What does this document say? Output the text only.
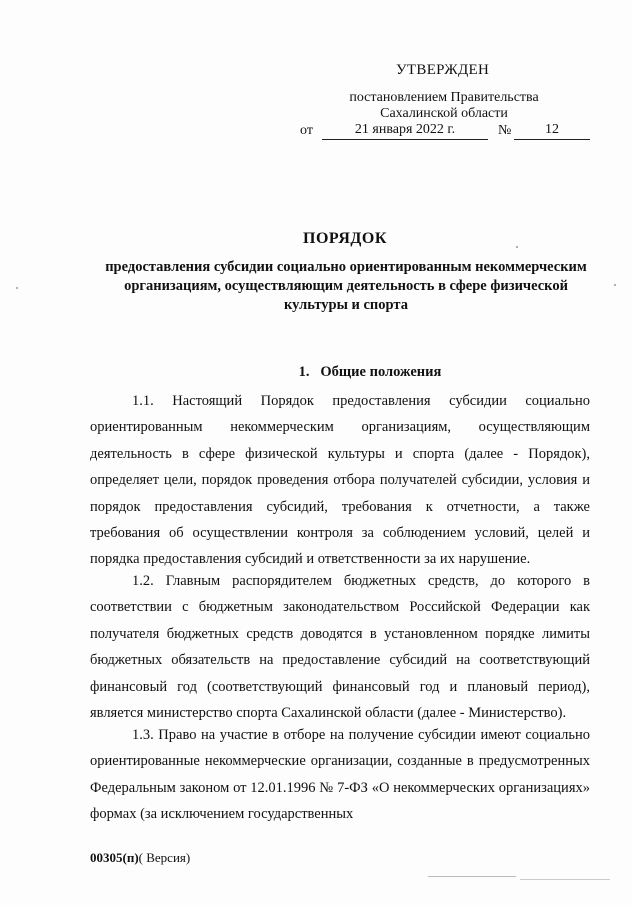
УТВЕРЖДЕН
постановлением Правительства Сахалинской области
от	21 января 2022 г.	№	12
ПОРЯДОК
предоставления субсидии социально ориентированным некоммерческим организациям, осуществляющим деятельность в сфере физической культуры и спорта
1.   Общие положения
1.1. Настоящий Порядок предоставления субсидии социально ориентированным некоммерческим организациям, осуществляющим деятельность в сфере физической культуры и спорта (далее - Порядок), определяет цели, порядок проведения отбора получателей субсидии, условия и порядок предоставления субсидий, требования к отчетности, а также требования об осуществлении контроля за соблюдением условий, целей и порядка предоставления субсидий и ответственности за их нарушение.
1.2. Главным распорядителем бюджетных средств, до которого в соответствии с бюджетным законодательством Российской Федерации как получателя бюджетных средств доводятся в установленном порядке лимиты бюджетных обязательств на предоставление субсидий на соответствующий финансовый год (соответствующий финансовый год и плановый период), является министерство спорта Сахалинской области (далее - Министерство).
1.3. Право на участие в отборе на получение субсидии имеют социально ориентированные некоммерческие организации, созданные в предусмотренных Федеральным законом от 12.01.1996 № 7-ФЗ «О некоммерческих организациях» формах (за исключением государственных
00305(п)( Версия)
